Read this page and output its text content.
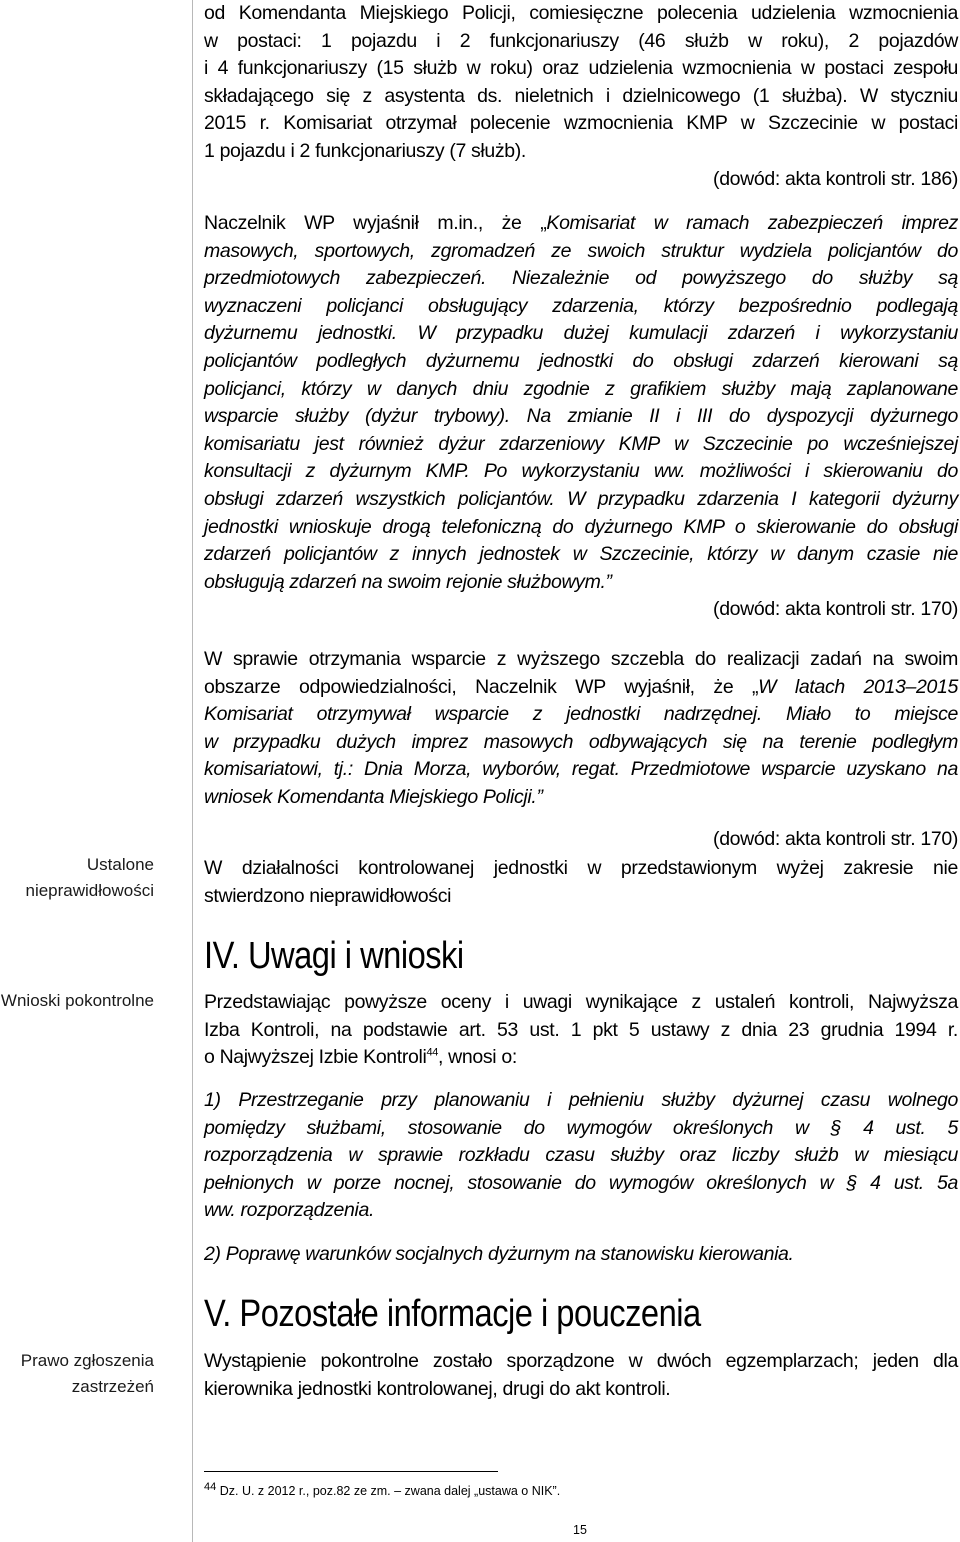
Ustalone
nieprawidłowości
Wnioski pokontrolne
Prawo zgłoszenia
zastrzeżeń
od Komendanta Miejskiego Policji, comiesięczne polecenia udzielenia wzmocnienia
w postaci: 1 pojazdu i 2 funkcjonariuszy (46 służb w roku), 2 pojazdów
i 4 funkcjonariuszy (15 służb w roku) oraz udzielenia wzmocnienia w postaci zespołu
składającego się z asystenta ds. nieletnich i dzielnicowego (1 służba). W styczniu
2015 r. Komisariat otrzymał polecenie wzmocnienia KMP w Szczecinie w postaci
1 pojazdu i 2 funkcjonariuszy (7 służb).
(dowód: akta kontroli str. 186)
Naczelnik WP wyjaśnił m.in., że „Komisariat w ramach zabezpieczeń imprez
masowych, sportowych, zgromadzeń ze swoich struktur wydziela policjantów do
przedmiotowych zabezpieczeń. Niezależnie od powyższego do służby są
wyznaczeni policjanci obsługujący zdarzenia, którzy bezpośrednio podlegają
dyżurnemu jednostki. W przypadku dużej kumulacji zdarzeń i wykorzystaniu
policjantów podległych dyżurnemu jednostki do obsługi zdarzeń kierowani są
policjanci, którzy w danych dniu zgodnie z grafikiem służby mają zaplanowane
wsparcie służby (dyżur trybowy). Na zmianie II i III do dyspozycji dyżurnego
komisariatu jest również dyżur zdarzeniowy KMP w Szczecinie po wcześniejszej
konsultacji z dyżurnym KMP. Po wykorzystaniu ww. możliwości i skierowaniu do
obsługi zdarzeń wszystkich policjantów. W przypadku zdarzenia I kategorii dyżurny
jednostki wnioskuje drogą telefoniczną do dyżurnego KMP o skierowanie do obsługi
zdarzeń policjantów z innych jednostek w Szczecinie, którzy w danym czasie nie
obsługują zdarzeń na swoim rejonie służbowym.”
(dowód: akta kontroli str. 170)
W sprawie otrzymania wsparcie z wyższego szczebla do realizacji zadań na swoim
obszarze odpowiedzialności, Naczelnik WP wyjaśnił, że „W latach 2013–2015
Komisariat otrzymywał wsparcie z jednostki nadrzędnej. Miało to miejsce
w przypadku dużych imprez masowych odbywających się na terenie podległym
komisariatowi, tj.: Dnia Morza, wyborów, regat. Przedmiotowe wsparcie uzyskano na
wniosek Komendanta Miejskiego Policji.”
(dowód: akta kontroli str. 170)
W działalności kontrolowanej jednostki w przedstawionym wyżej zakresie nie
stwierdzono nieprawidłowości
IV. Uwagi i wnioski
Przedstawiając powyższe oceny i uwagi wynikające z ustaleń kontroli, Najwyższa
Izba Kontroli, na podstawie art. 53 ust. 1 pkt 5 ustawy z dnia 23 grudnia 1994 r.
o Najwyższej Izbie Kontroli$^{44}$, wnosi o:
1) Przestrzeganie przy planowaniu i pełnieniu służby dyżurnej czasu wolnego
pomiędzy służbami, stosowanie do wymogów określonych w § 4 ust. 5
rozporządzenia w sprawie rozkładu czasu służby oraz liczby służb w miesiącu
pełnionych w porze nocnej, stosowanie do wymogów określonych w § 4 ust. 5a
ww. rozporządzenia.
2) Poprawę warunków socjalnych dyżurnym na stanowisku kierowania.
V. Pozostałe informacje i pouczenia
Wystąpienie pokontrolne zostało sporządzone w dwóch egzemplarzach; jeden dla
kierownika jednostki kontrolowanej, drugi do akt kontroli.
$^{44}$ Dz. U. z 2012 r., poz.82 ze zm. – zwana dalej „ustawa o NIK”.
15
